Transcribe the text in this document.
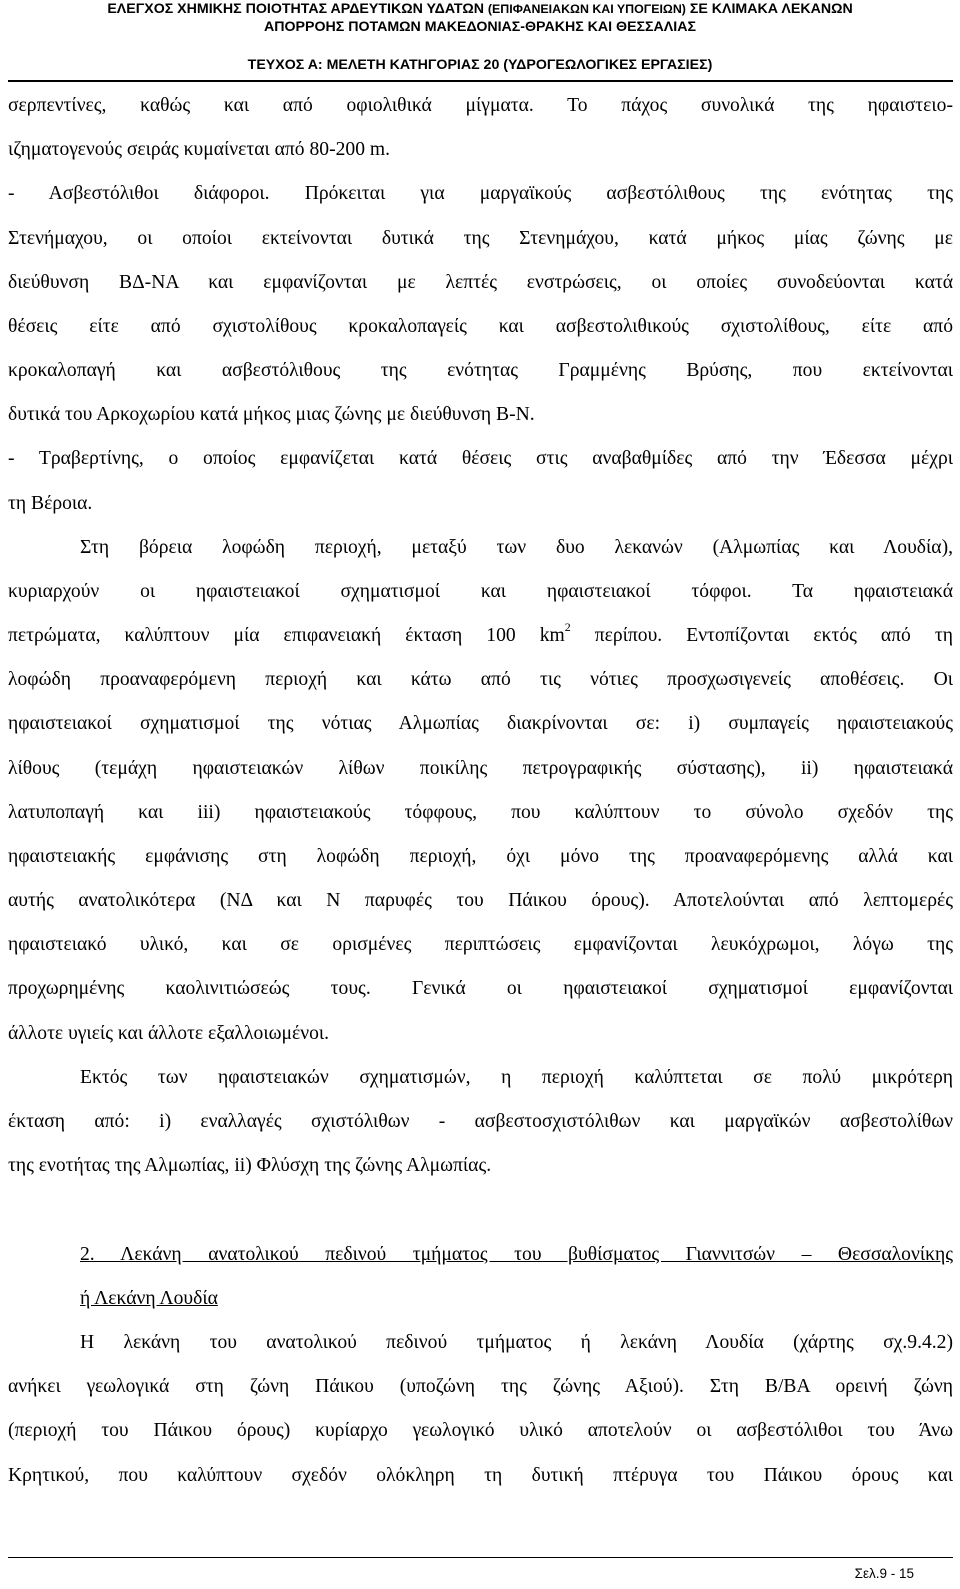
ΕΛΕΓΧΟΣ ΧΗΜΙΚΗΣ ΠΟΙΟΤΗΤΑΣ ΑΡΔΕΥΤΙΚΩΝ ΥΔΑΤΩΝ (ΕΠΙΦΑΝΕΙΑΚΩΝ ΚΑΙ ΥΠΟΓΕΙΩΝ) ΣΕ ΚΛΙΜΑΚΑ ΛΕΚΑΝΩΝ
ΑΠΟΡΡΟΗΣ ΠΟΤΑΜΩΝ ΜΑΚΕΔΟΝΙΑΣ-ΘΡΑΚΗΣ ΚΑΙ ΘΕΣΣΑΛΙΑΣ
ΤΕΥΧΟΣ Α: ΜΕΛΕΤΗ ΚΑΤΗΓΟΡΙΑΣ 20 (ΥΔΡΟΓΕΩΛΟΓΙΚΕΣ ΕΡΓΑΣΙΕΣ)
σερπεντίνες, καθώς και από οφιολιθικά μίγματα. Το πάχος συνολικά της ηφαιστειο-
ιζηματογενούς σειράς κυμαίνεται από 80-200 m.
- Ασβεστόλιθοι διάφοροι. Πρόκειται για μαργαϊκούς ασβεστόλιθους της ενότητας της
Στενήμαχου, οι οποίοι εκτείνονται δυτικά της Στενημάχου, κατά μήκος μίας ζώνης με
διεύθυνση ΒΔ-ΝΑ και εμφανίζονται με λεπτές ενστρώσεις, οι οποίες συνοδεύονται κατά
θέσεις είτε από σχιστολίθους κροκαλοπαγείς και ασβεστολιθικούς σχιστολίθους, είτε από
κροκαλοπαγή και ασβεστόλιθους της ενότητας Γραμμένης Βρύσης, που εκτείνονται
δυτικά του Αρκοχωρίου κατά μήκος μιας ζώνης με διεύθυνση Β-Ν.
- Τραβερτίνης, ο οποίος εμφανίζεται κατά θέσεις στις αναβαθμίδες από την Έδεσσα μέχρι
τη Βέροια.
Στη βόρεια λοφώδη περιοχή, μεταξύ των δυο λεκανών (Αλμωπίας και Λουδία),
κυριαρχούν οι ηφαιστειακοί σχηματισμοί και ηφαιστειακοί τόφφοι. Τα ηφαιστειακά
πετρώματα, καλύπτουν μία επιφανειακή έκταση 100 $km^2$ περίπου. Εντοπίζονται εκτός από τη
λοφώδη προαναφερόμενη περιοχή και κάτω από τις νότιες προσχωσιγενείς αποθέσεις. Οι
ηφαιστειακοί σχηματισμοί της νότιας Αλμωπίας διακρίνονται σε: i) συμπαγείς ηφαιστειακούς
λίθους (τεμάχη ηφαιστειακών λίθων ποικίλης πετρογραφικής σύστασης), ii) ηφαιστειακά
λατυποπαγή και iii) ηφαιστειακούς τόφφους, που καλύπτουν το σύνολο σχεδόν της
ηφαιστειακής εμφάνισης στη λοφώδη περιοχή, όχι μόνο της προαναφερόμενης αλλά και
αυτής ανατολικότερα (ΝΔ και Ν παρυφές του Πάικου όρους). Αποτελούνται από λεπτομερές
ηφαιστειακό υλικό, και σε ορισμένες περιπτώσεις εμφανίζονται λευκόχρωμοι, λόγω της
προχωρημένης καολινιτιώσεώς τους. Γενικά οι ηφαιστειακοί σχηματισμοί εμφανίζονται
άλλοτε υγιείς και άλλοτε εξαλλοιωμένοι.
Εκτός των ηφαιστειακών σχηματισμών, η περιοχή καλύπτεται σε πολύ μικρότερη
έκταση από: i) εναλλαγές σχιστόλιθων - ασβεστοσχιστόλιθων και μαργαϊκών ασβεστολίθων
της ενοτήτας της Αλμωπίας, ii) Φλύσχη της ζώνης Αλμωπίας.
2. Λεκάνη ανατολικού πεδινού τμήματος του βυθίσματος Γιαννιτσών – Θεσσαλονίκης
ή Λεκάνη Λουδία
Η λεκάνη του ανατολικού πεδινού τμήματος ή λεκάνη Λουδία (χάρτης σχ.9.4.2)
ανήκει γεωλογικά στη ζώνη Πάικου (υποζώνη της ζώνης Αξιού). Στη Β/ΒΑ ορεινή ζώνη
(περιοχή του Πάικου όρους) κυρίαρχο γεωλογικό υλικό αποτελούν οι ασβεστόλιθοι του Άνω
Κρητικού, που καλύπτουν σχεδόν ολόκληρη τη δυτική πτέρυγα του Πάικου όρους και
Σελ.9 - 15
